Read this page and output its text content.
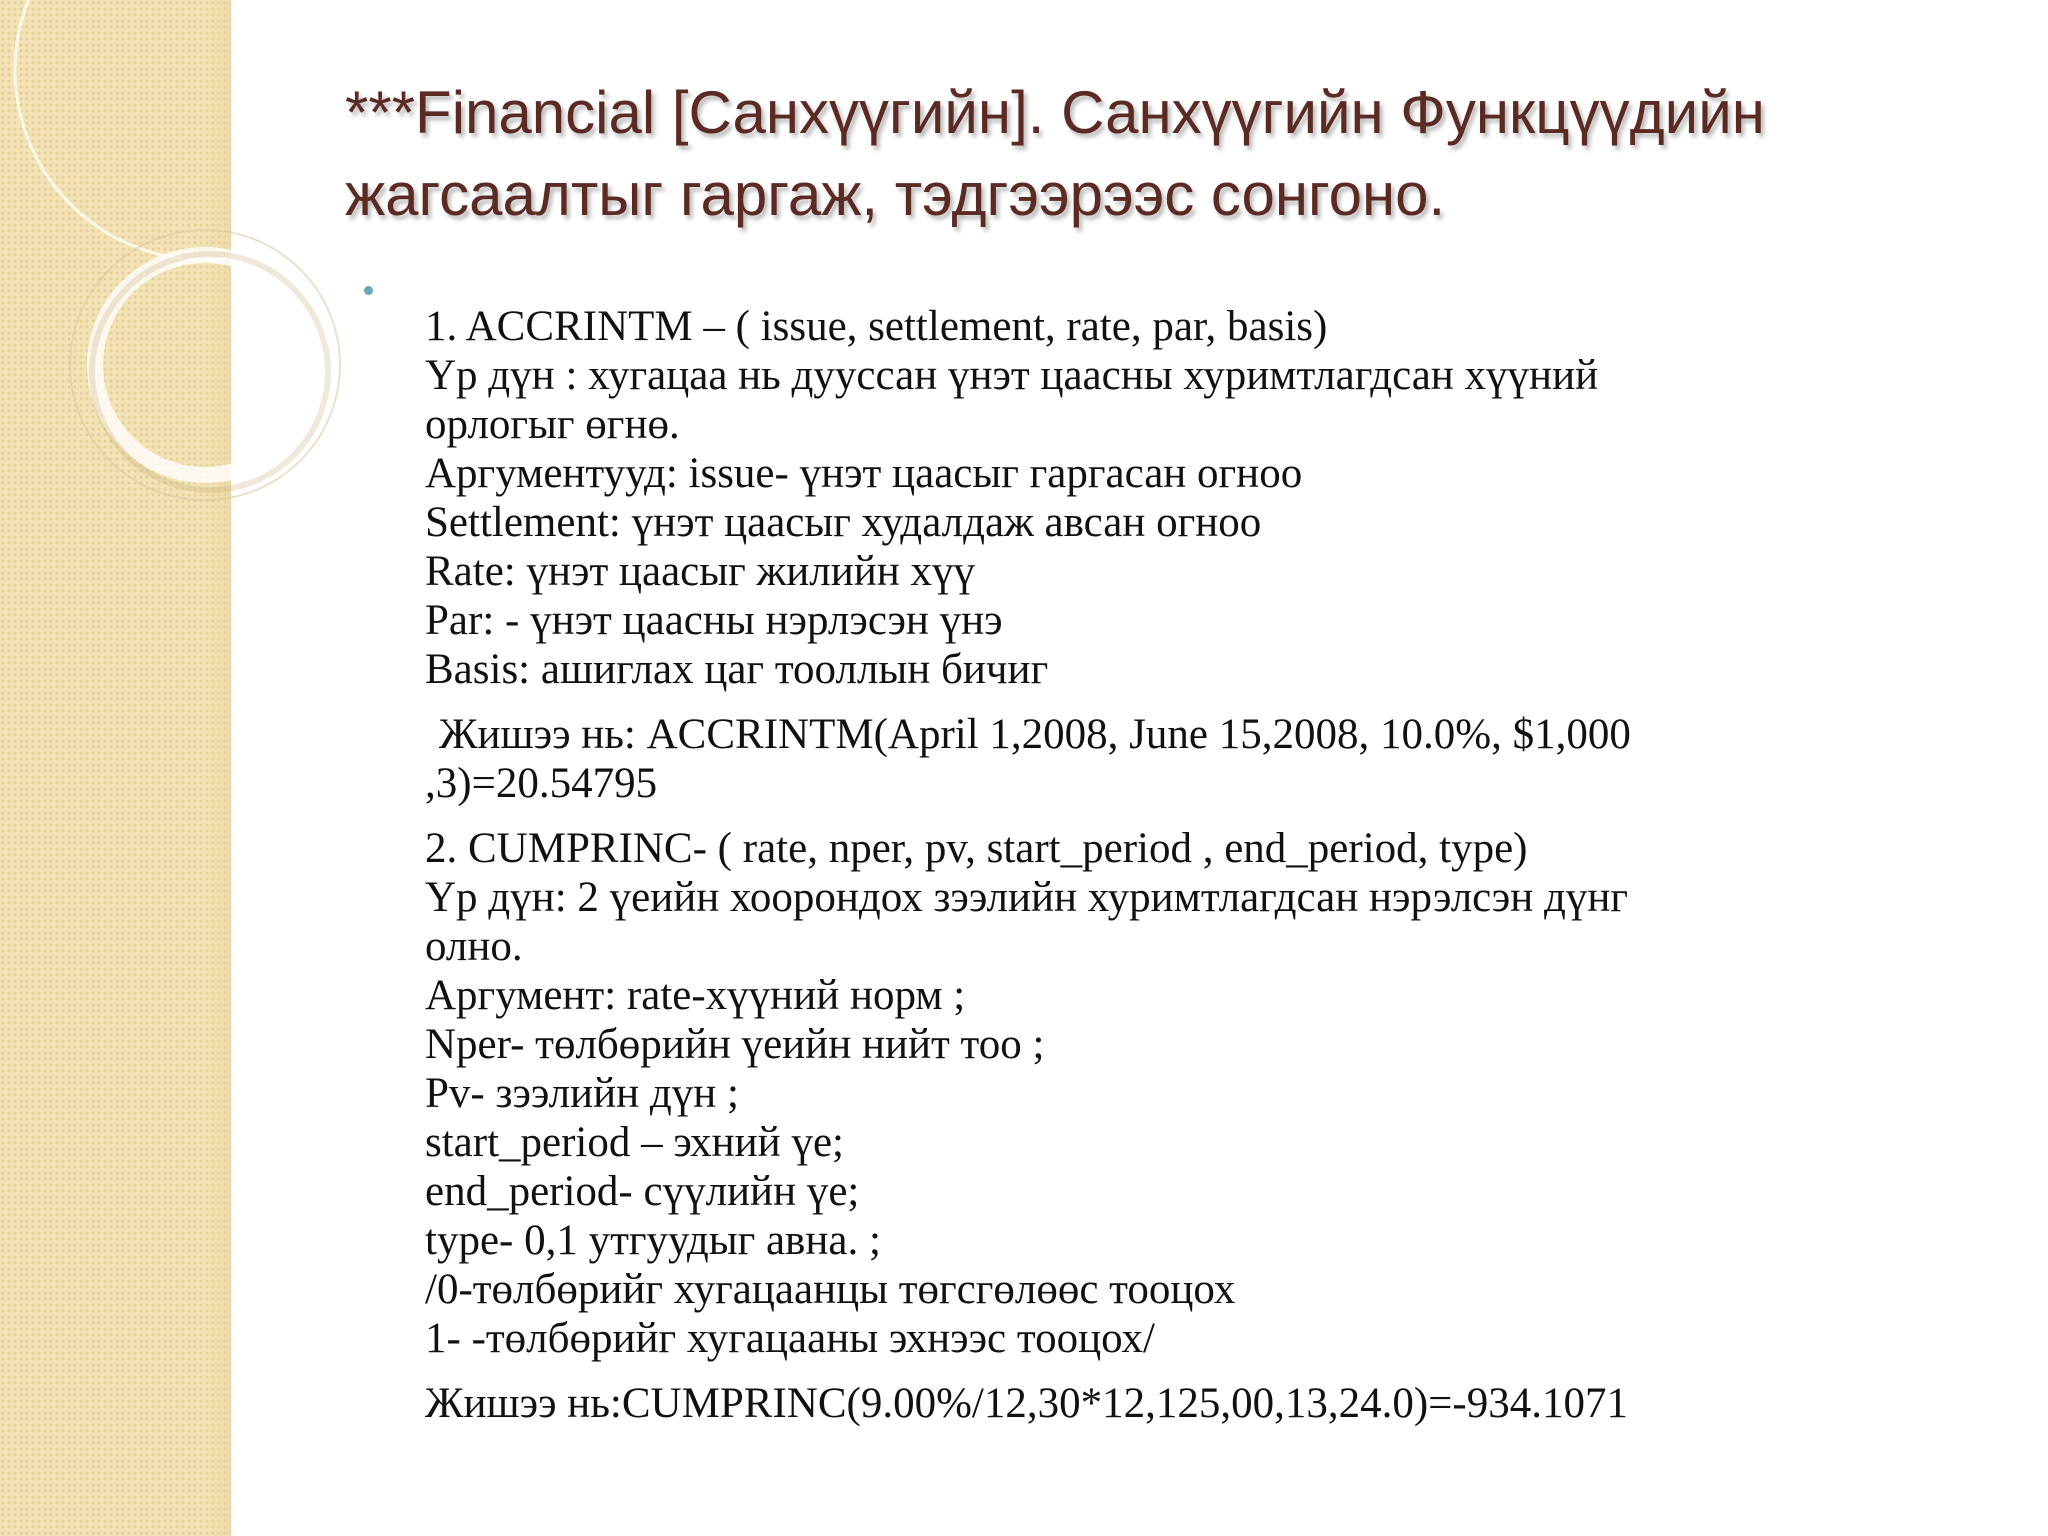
***Financial [Санхүүгийн]. Санхүүгийн Функцүүдийн
жагсаалтыг гаргаж, тэдгээрээс сонгоно.
1. ACCRINTM – ( issue, settlement, rate, par, basis)
Үр дүн : хугацаа нь дууссан үнэт цаасны хуримтлагдсан хүүний
орлогыг өгнө.
Аргументууд: issue- үнэт цаасыг гаргасан огноо
Settlement: үнэт цаасыг худалдаж авсан огноо
Rate: үнэт цаасыг жилийн хүү
Par: - үнэт цаасны нэрлэсэн үнэ
Basis: ашиглах цаг тооллын бичиг
Жишээ нь: ACCRINTM(April 1,2008, June 15,2008, 10.0%, $1,000
,3)=20.54795
2. CUMPRINC- ( rate, nper, pv, start_period , end_period, type)
Үр дүн: 2 үеийн хоорондох зээлийн хуримтлагдсан нэрэлсэн дүнг
олно.
Аргумент: rate-хүүний норм ;
Nper- төлбөрийн үеийн нийт тоо ;
Pv- зээлийн дүн ;
start_period – эхний үе;
end_period- сүүлийн үе;
type- 0,1 утгуудыг авна. ;
/0-төлбөрийг хугацаанцы төгсгөлөөс тооцох
1- -төлбөрийг хугацааны эхнээс тооцох/
Жишээ нь:CUMPRINC(9.00%/12,30*12,125,00,13,24.0)=-934.1071
